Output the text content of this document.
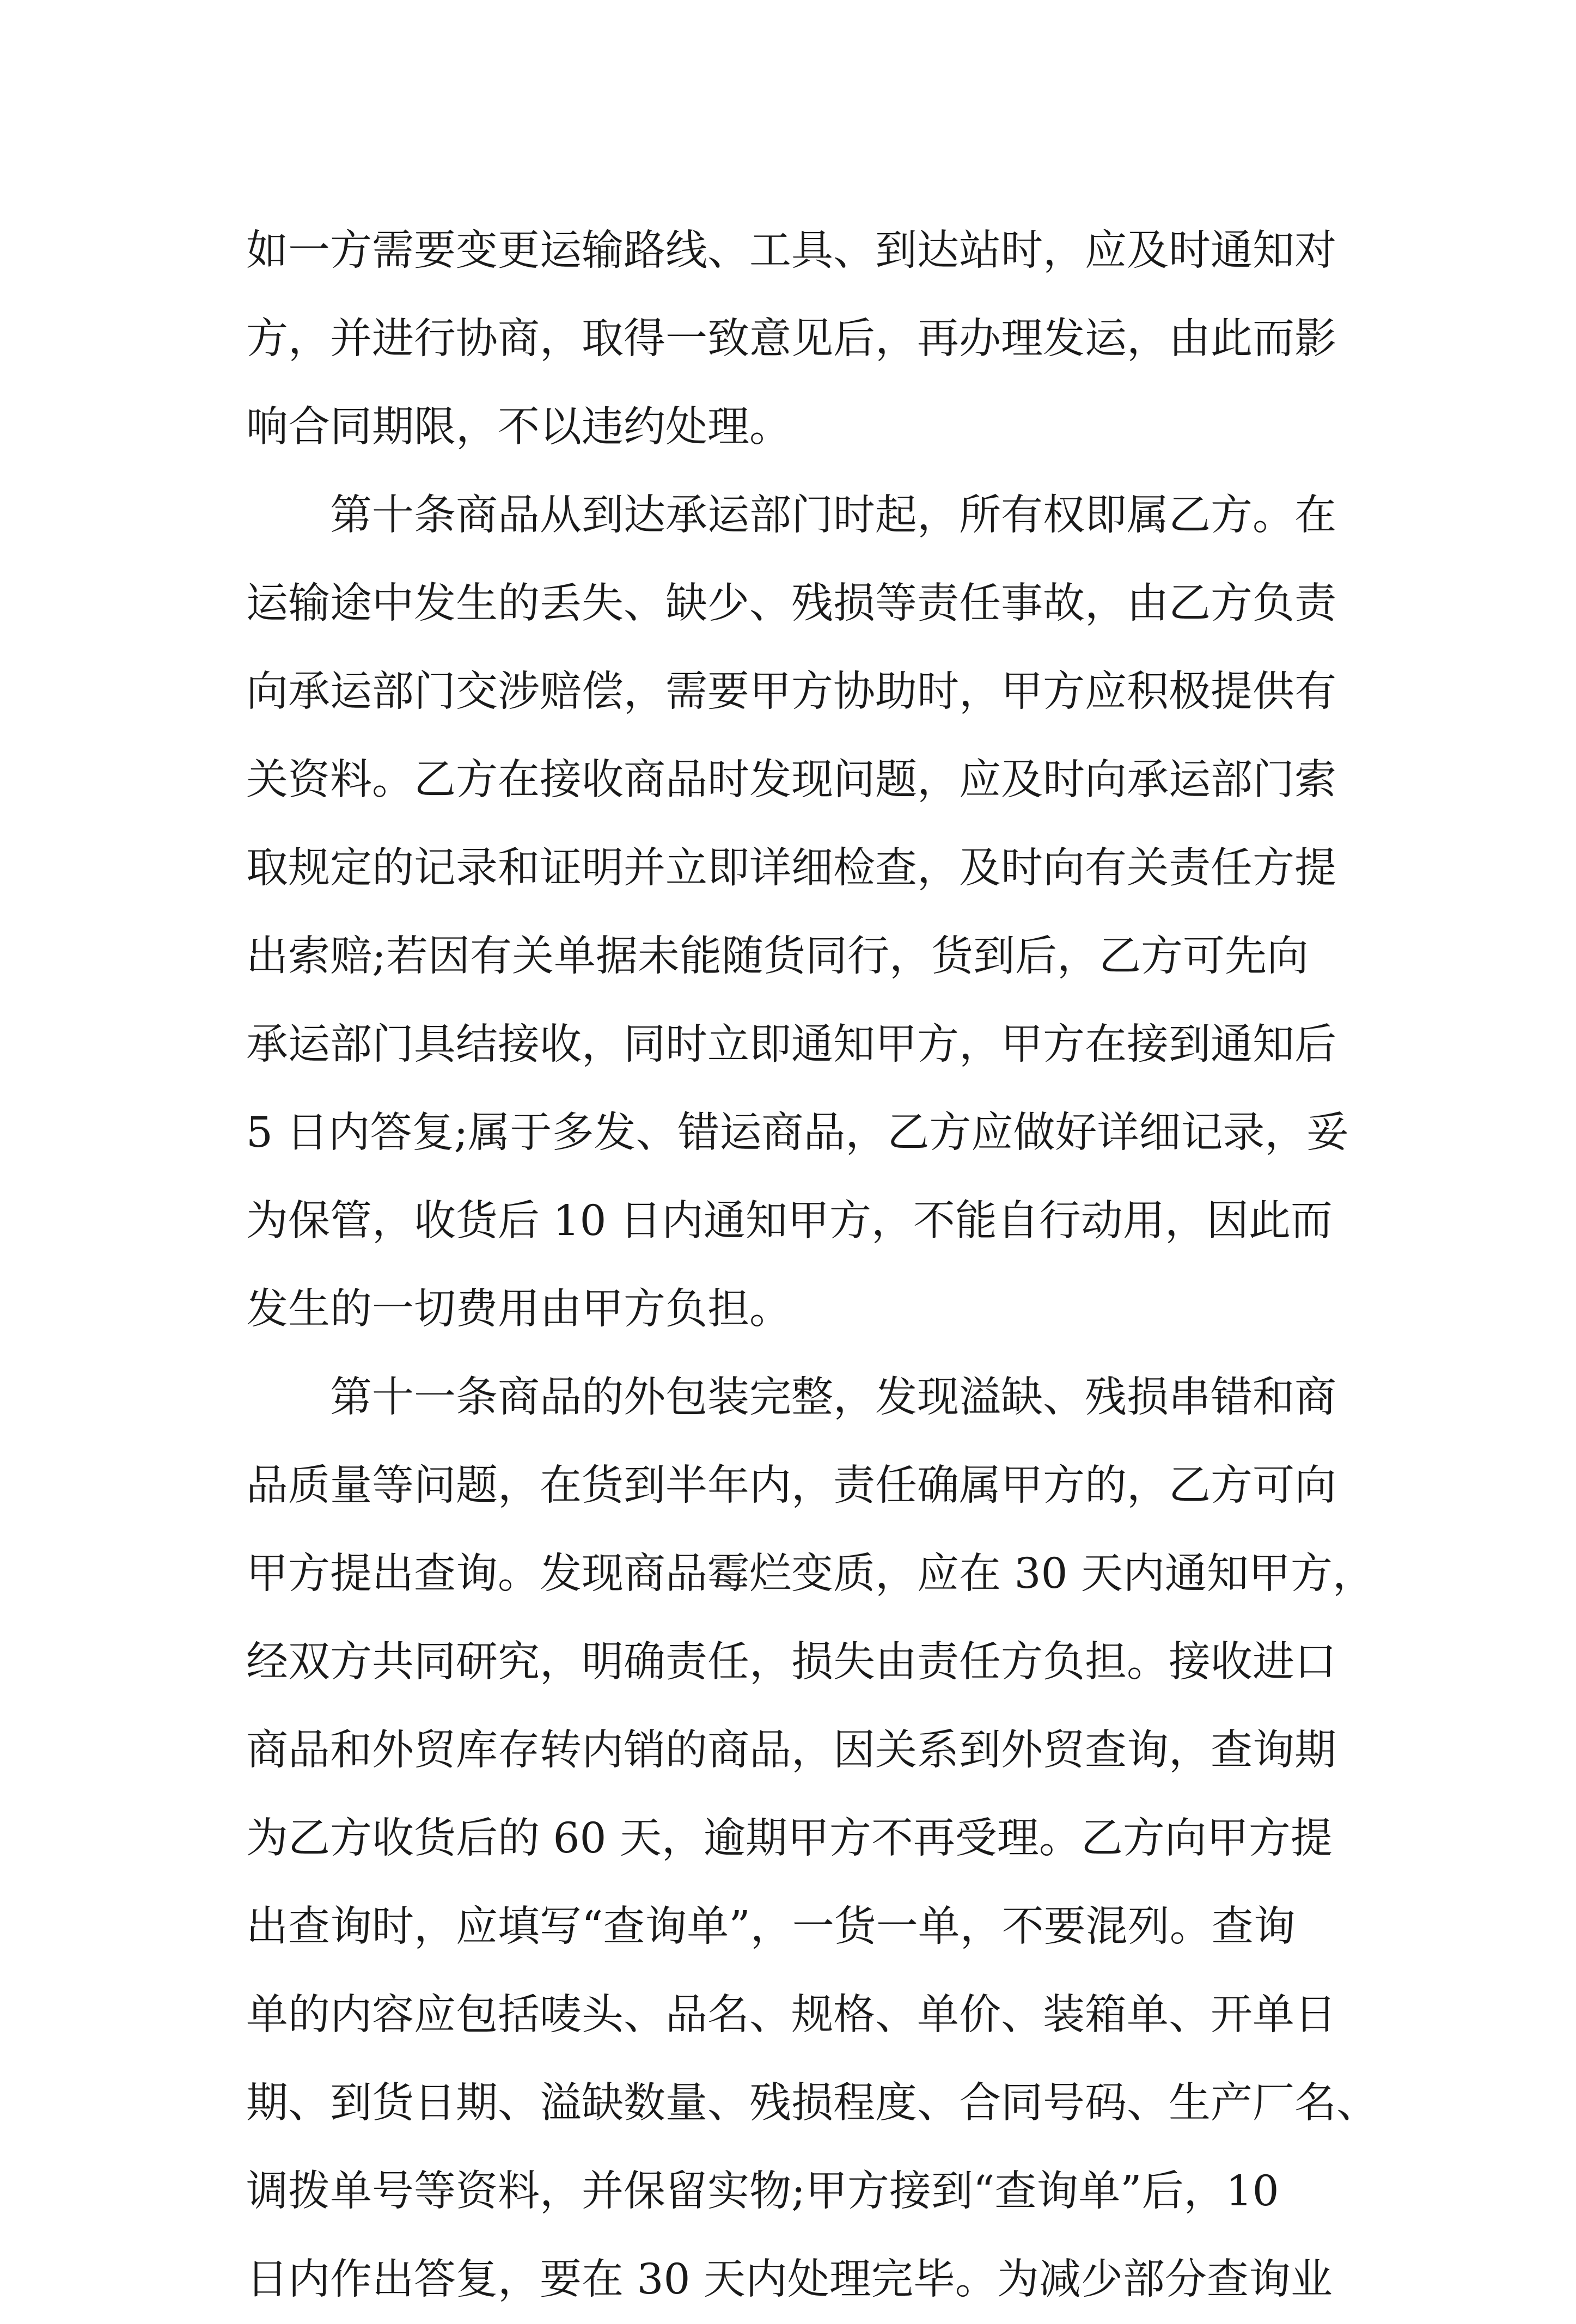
如一方需要变更运输路线、工具、到达站时，应及时通知对
方，并进行协商，取得一致意见后，再办理发运，由此而影
响合同期限，不以违约处理。
第十条商品从到达承运部门时起，所有权即属乙方。在
运输途中发生的丢失、缺少、残损等责任事故，由乙方负责
向承运部门交涉赔偿，需要甲方协助时，甲方应积极提供有
关资料。乙方在接收商品时发现问题，应及时向承运部门索
取规定的记录和证明并立即详细检查，及时向有关责任方提
出索赔;若因有关单据未能随货同行，货到后，乙方可先向
承运部门具结接收，同时立即通知甲方，甲方在接到通知后
5 日内答复;属于多发、错运商品，乙方应做好详细记录，妥
为保管，收货后 10 日内通知甲方，不能自行动用，因此而
发生的一切费用由甲方负担。
第十一条商品的外包装完整，发现溢缺、残损串错和商
品质量等问题，在货到半年内，责任确属甲方的，乙方可向
甲方提出查询。发现商品霉烂变质，应在 30 天内通知甲方，
经双方共同研究，明确责任，损失由责任方负担。接收进口
商品和外贸库存转内销的商品，因关系到外贸查询，查询期
为乙方收货后的 60 天，逾期甲方不再受理。乙方向甲方提
出查询时，应填写“查询单”，一货一单，不要混列。查询
单的内容应包括唛头、品名、规格、单价、装箱单、开单日
期、到货日期、溢缺数量、残损程度、合同号码、生产厂名、
调拨单号等资料，并保留实物;甲方接到“查询单”后，10
日内作出答复，要在 30 天内处理完毕。为减少部分查询业
